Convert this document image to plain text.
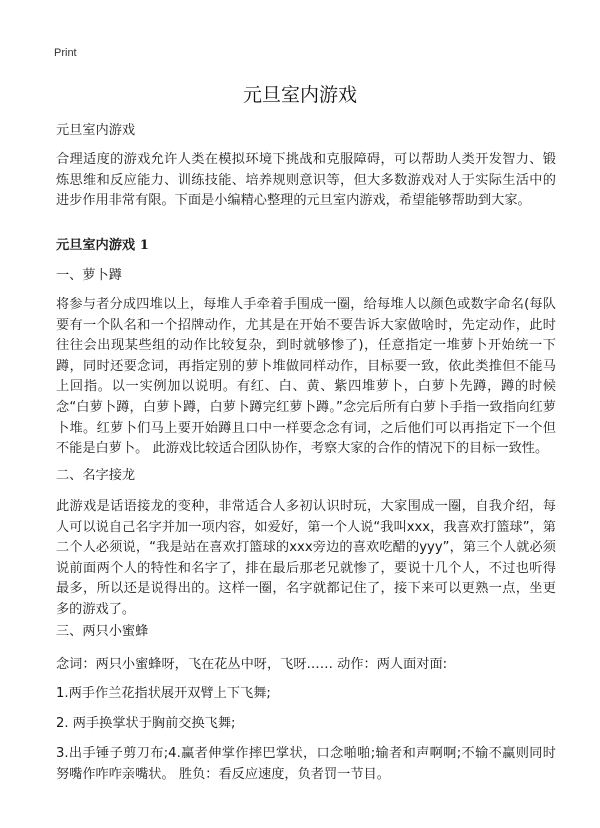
Print
元旦室内游戏
元旦室内游戏
合理适度的游戏允许人类在模拟环境下挑战和克服障碍，可以帮助人类开发智力、锻炼思维和反应能力、训练技能、培养规则意识等，但大多数游戏对人于实际生活中的进步作用非常有限。下面是小编精心整理的元旦室内游戏，希望能够帮助到大家。
元旦室内游戏 1
一、萝卜蹲
将参与者分成四堆以上，每堆人手牵着手围成一圈，给每堆人以颜色或数字命名(每队要有一个队名和一个招牌动作，尤其是在开始不要告诉大家做啥时，先定动作，此时往往会出现某些组的动作比较复杂，到时就够惨了)，任意指定一堆萝卜开始统一下蹲，同时还要念词，再指定别的萝卜堆做同样动作，目标要一致，依此类推但不能马上回指。以一实例加以说明。有红、白、黄、紫四堆萝卜，白萝卜先蹲，蹲的时候念“白萝卜蹲，白萝卜蹲，白萝卜蹲完红萝卜蹲。”念完后所有白萝卜手指一致指向红萝卜堆。红萝卜们马上要开始蹲且口中一样要念念有词，之后他们可以再指定下一个但不能是白萝卜。 此游戏比较适合团队协作，考察大家的合作的情况下的目标一致性。
二、名字接龙
此游戏是话语接龙的变种，非常适合人多初认识时玩，大家围成一圈，自我介绍，每人可以说自己名字并加一项内容，如爱好，第一个人说“我叫xxx，我喜欢打篮球”，第二个人必须说，“我是站在喜欢打篮球的xxx旁边的喜欢吃醋的yyy”，第三个人就必须说前面两个人的特性和名字了，排在最后那老兄就惨了，要说十几个人，不过也听得最多，所以还是说得出的。这样一圈，名字就都记住了，接下来可以更熟一点，坐更多的游戏了。
三、两只小蜜蜂
念词：两只小蜜蜂呀，飞在花丛中呀，飞呀…… 动作：两人面对面:
1.两手作兰花指状展开双臂上下飞舞;
2. 两手换掌状于胸前交换飞舞;
3.出手锤子剪刀布;4.赢者伸掌作摔巴掌状，口念啪啪;输者和声啊啊;不输不赢则同时努嘴作咋咋亲嘴状。 胜负：看反应速度，负者罚一节目。
